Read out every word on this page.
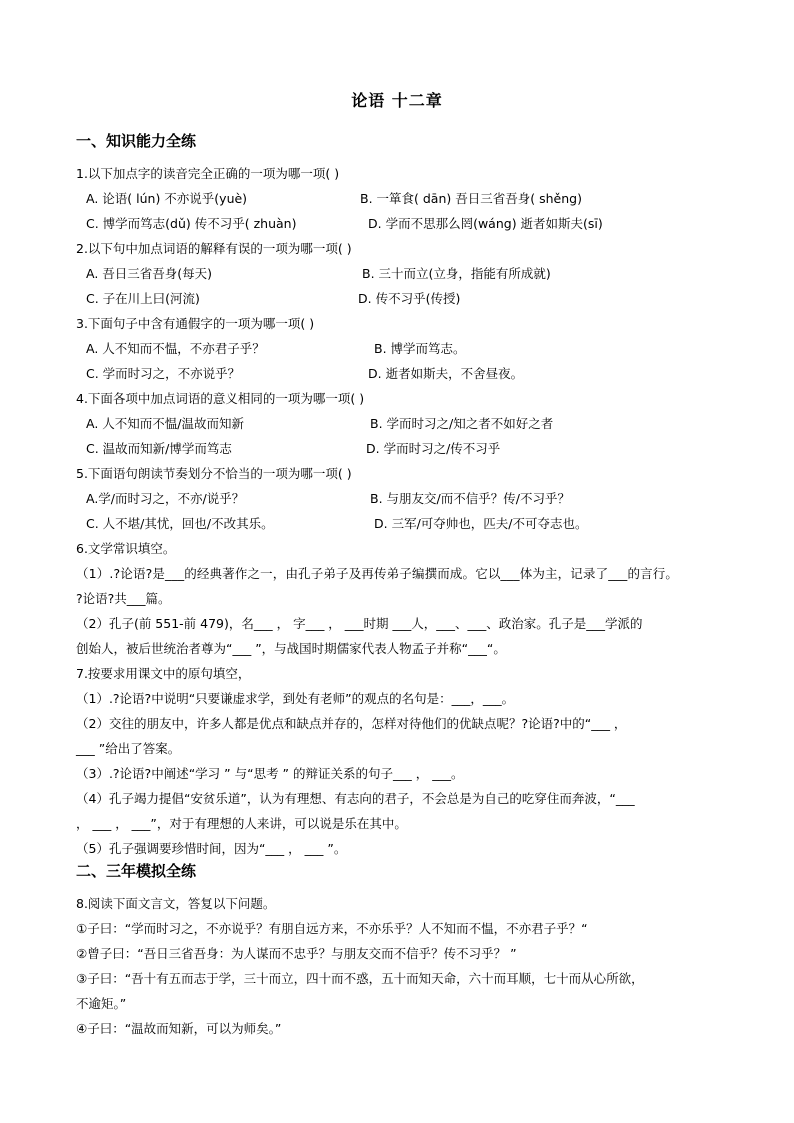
论语 十二章
一、知识能力全练
1.以下加点字的读音完全正确的一项为哪一项( )
A. 论语( lún) 不亦说乎(yuè)	B. 一箪食( dān) 吾日三省吾身( shěng)
C. 博学而笃志(dǔ) 传不习乎( zhuàn)	D. 学而不思那么罔(wáng) 逝者如斯夫(sī)
2.以下句中加点词语的解释有误的一项为哪一项( )
A. 吾日三省吾身(每天)	B. 三十而立(立身，指能有所成就)
C. 子在川上曰(河流)	D. 传不习乎(传授)
3.下面句子中含有通假字的一项为哪一项( )
A. 人不知而不愠，不亦君子乎？	B. 博学而笃志。
C. 学而时习之，不亦说乎？	D. 逝者如斯夫，不舍昼夜。
4.下面各项中加点词语的意义相同的一项为哪一项( )
A. 人不知而不愠/温故而知新	B. 学而时习之/知之者不如好之者
C. 温故而知新/博学而笃志	D. 学而时习之/传不习乎
5.下面语句朗读节奏划分不恰当的一项为哪一项( )
A.学/而时习之，不亦/说乎？	B. 与朋友交/而不信乎？传/不习乎？
C. 人不堪/其忧，回也/不改其乐。	D. 三军/可夺帅也，匹夫/不可夺志也。
6.文学常识填空。
（1）.?论语?是___的经典著作之一，由孔子弟子及再传弟子编撰而成。它以___体为主，记录了___的言行。
?论语?共___篇。
（2）孔子(前 551-前 479)，名___ ， 字___ ， ___时期 ___人，___、___、政治家。孔子是___学派的
创始人，被后世统治者尊为“___ ”，与战国时期儒家代表人物孟子并称“___“。
7.按要求用课文中的原句填空，
（1）.?论语?中说明“只要谦虚求学，到处有老师”的观点的名句是：___，___。
（2）交往的朋友中，许多人都是优点和缺点并存的，怎样对待他们的优缺点呢？?论语?中的“___ ，
___ ”给出了答案。
（3）.?论语?中阐述“学习 ” 与“思考 ” 的辩证关系的句子___ ， ___。
（4）孔子竭力提倡“安贫乐道”，认为有理想、有志向的君子，不会总是为自己的吃穿住而奔波，“___
， ___ ， ___”，对于有理想的人来讲，可以说是乐在其中。
（5）孔子强调要珍惜时间，因为“___ ， ___ ”。
二、三年模拟全练
8.阅读下面文言文，答复以下问题。
①子曰：“学而时习之，不亦说乎？有朋自远方来，不亦乐乎？人不知而不愠，不亦君子乎？“
②曾子曰：“吾日三省吾身：为人谋而不忠乎？与朋友交而不信乎？传不习乎？ ”
③子曰：“吾十有五而志于学，三十而立，四十而不惑，五十而知天命，六十而耳顺，七十而从心所欲，
不逾矩。”
④子曰：“温故而知新，可以为师矣。”
